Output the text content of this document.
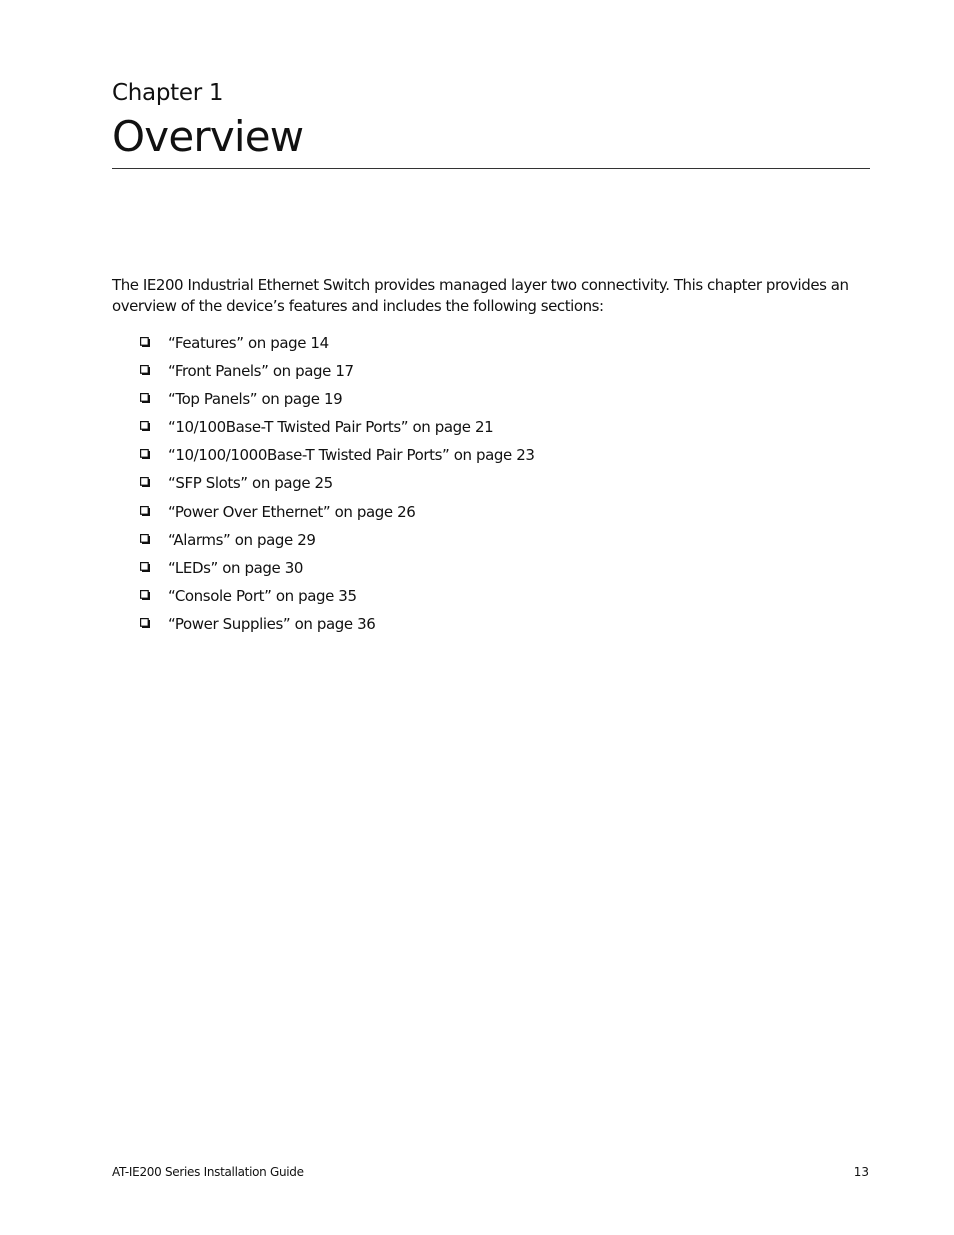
Chapter 1
Overview

The IE200 Industrial Ethernet Switch provides managed layer two connectivity. This chapter provides an overview of the device’s features and includes the following sections:

“Features” on page 14
“Front Panels” on page 17
“Top Panels” on page 19
“10/100Base-T Twisted Pair Ports” on page 21
“10/100/1000Base-T Twisted Pair Ports” on page 23
“SFP Slots” on page 25
“Power Over Ethernet” on page 26
“Alarms” on page 29
“LEDs” on page 30
“Console Port” on page 35
“Power Supplies” on page 36
AT-IE200 Series Installation Guide	13
